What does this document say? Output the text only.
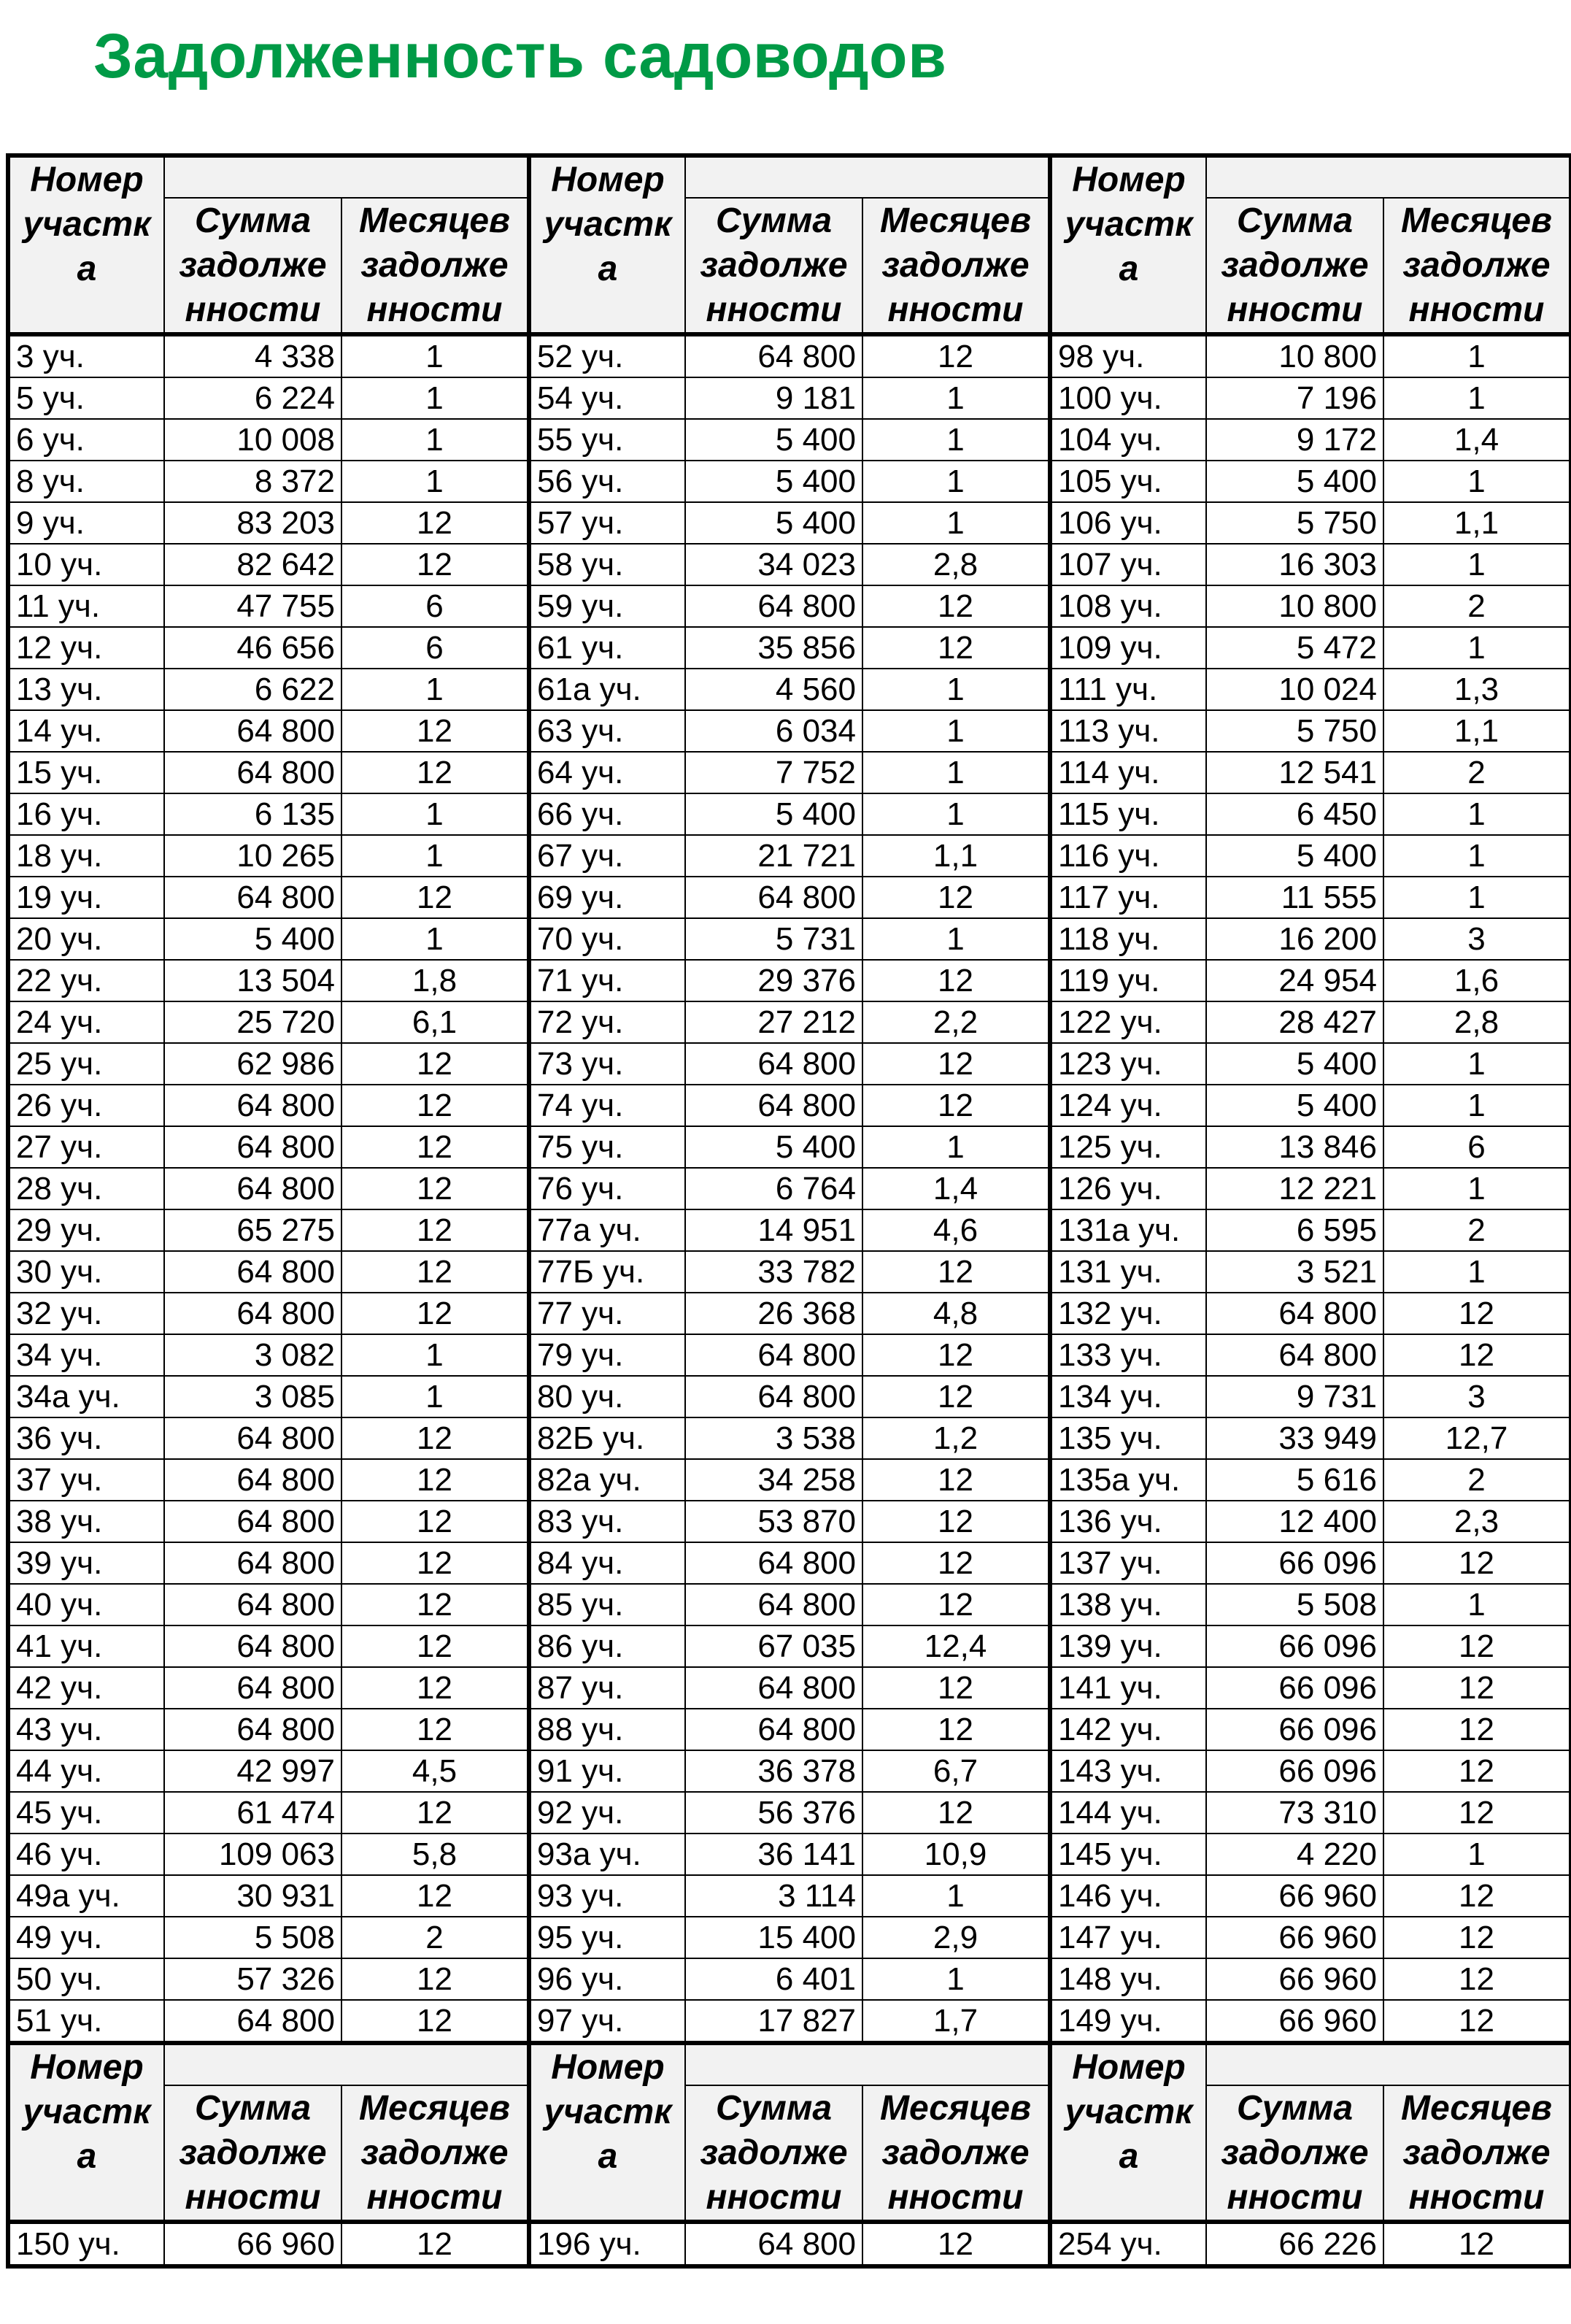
Задолженность садоводов
Номер
участк
а			Номер
участк
а			Номер
участк
а		

	Сумма
задолже
нности	Месяцев
задолже
нности		Сумма
задолже
нности	Месяцев
задолже
нности		Сумма
задолже
нности	Месяцев
задолже
нности

3 уч.	4 338	1	52 уч.	64 800	12	98 уч.	10 800	1
5 уч.	6 224	1	54 уч.	9 181	1	100 уч.	7 196	1
6 уч.	10 008	1	55 уч.	5 400	1	104 уч.	9 172	1,4
8 уч.	8 372	1	56 уч.	5 400	1	105 уч.	5 400	1
9 уч.	83 203	12	57 уч.	5 400	1	106 уч.	5 750	1,1
10 уч.	82 642	12	58 уч.	34 023	2,8	107 уч.	16 303	1
11 уч.	47 755	6	59 уч.	64 800	12	108 уч.	10 800	2
12 уч.	46 656	6	61 уч.	35 856	12	109 уч.	5 472	1
13 уч.	6 622	1	61а уч.	4 560	1	111 уч.	10 024	1,3
14 уч.	64 800	12	63 уч.	6 034	1	113 уч.	5 750	1,1
15 уч.	64 800	12	64 уч.	7 752	1	114 уч.	12 541	2
16 уч.	6 135	1	66 уч.	5 400	1	115 уч.	6 450	1
18 уч.	10 265	1	67 уч.	21 721	1,1	116 уч.	5 400	1
19 уч.	64 800	12	69 уч.	64 800	12	117 уч.	11 555	1
20 уч.	5 400	1	70 уч.	5 731	1	118 уч.	16 200	3
22 уч.	13 504	1,8	71 уч.	29 376	12	119 уч.	24 954	1,6
24 уч.	25 720	6,1	72 уч.	27 212	2,2	122 уч.	28 427	2,8
25 уч.	62 986	12	73 уч.	64 800	12	123 уч.	5 400	1
26 уч.	64 800	12	74 уч.	64 800	12	124 уч.	5 400	1
27 уч.	64 800	12	75 уч.	5 400	1	125 уч.	13 846	6
28 уч.	64 800	12	76 уч.	6 764	1,4	126 уч.	12 221	1
29 уч.	65 275	12	77а уч.	14 951	4,6	131а уч.	6 595	2
30 уч.	64 800	12	77Б уч.	33 782	12	131 уч.	3 521	1
32 уч.	64 800	12	77 уч.	26 368	4,8	132 уч.	64 800	12
34 уч.	3 082	1	79 уч.	64 800	12	133 уч.	64 800	12
34а уч.	3 085	1	80 уч.	64 800	12	134 уч.	9 731	3
36 уч.	64 800	12	82Б уч.	3 538	1,2	135 уч.	33 949	12,7
37 уч.	64 800	12	82а уч.	34 258	12	135а уч.	5 616	2
38 уч.	64 800	12	83 уч.	53 870	12	136 уч.	12 400	2,3
39 уч.	64 800	12	84 уч.	64 800	12	137 уч.	66 096	12
40 уч.	64 800	12	85 уч.	64 800	12	138 уч.	5 508	1
41 уч.	64 800	12	86 уч.	67 035	12,4	139 уч.	66 096	12
42 уч.	64 800	12	87 уч.	64 800	12	141 уч.	66 096	12
43 уч.	64 800	12	88 уч.	64 800	12	142 уч.	66 096	12
44 уч.	42 997	4,5	91 уч.	36 378	6,7	143 уч.	66 096	12
45 уч.	61 474	12	92 уч.	56 376	12	144 уч.	73 310	12
46 уч.	109 063	5,8	93а уч.	36 141	10,9	145 уч.	4 220	1
49а уч.	30 931	12	93 уч.	3 114	1	146 уч.	66 960	12
49 уч.	5 508	2	95 уч.	15 400	2,9	147 уч.	66 960	12
50 уч.	57 326	12	96 уч.	6 401	1	148 уч.	66 960	12
51 уч.	64 800	12	97 уч.	17 827	1,7	149 уч.	66 960	12

Номер
участк
а			Номер
участк
а			Номер
участк
а		

	Сумма
задолже
нности	Месяцев
задолже
нности		Сумма
задолже
нности	Месяцев
задолже
нности		Сумма
задолже
нности	Месяцев
задолже
нности

150 уч.	66 960	12	196 уч.	64 800	12	254 уч.	66 226	12
